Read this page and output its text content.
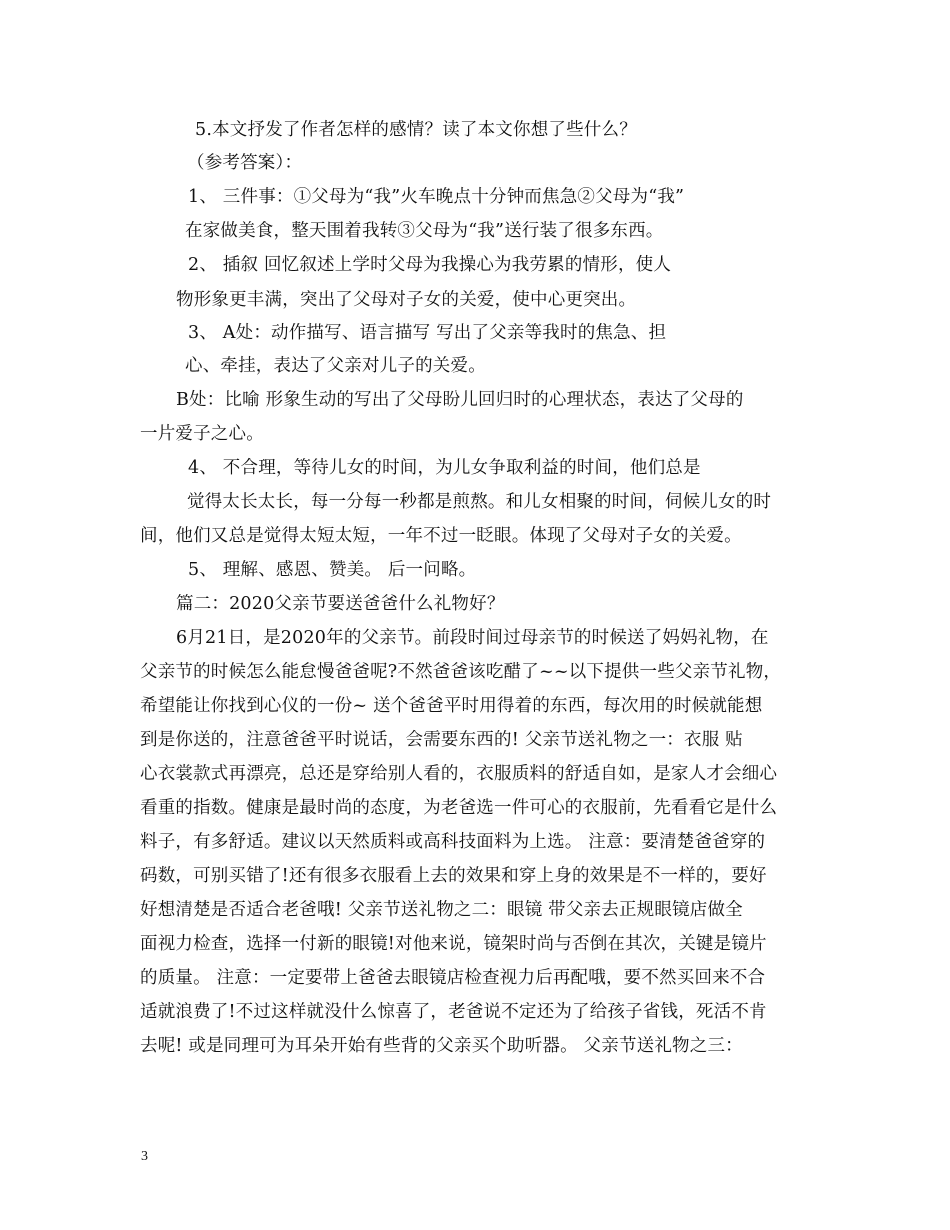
5.本文抒发了作者怎样的感情？读了本文你想了些什么？
（参考答案）：
1、 三件事：①父母为“我”火车晚点十分钟而焦急②父母为“我”
在家做美食，整天围着我转③父母为“我”送行装了很多东西。
2、 插叙 回忆叙述上学时父母为我操心为我劳累的情形，使人
物形象更丰满，突出了父母对子女的关爱，使中心更突出。
3、 A处：动作描写、语言描写 写出了父亲等我时的焦急、担
心、牵挂，表达了父亲对儿子的关爱。
B处：比喻 形象生动的写出了父母盼儿回归时的心理状态，表达了父母的
一片爱子之心。
4、 不合理，等待儿女的时间，为儿女争取利益的时间，他们总是
觉得太长太长，每一分每一秒都是煎熬。和儿女相聚的时间，伺候儿女的时
间，他们又总是觉得太短太短，一年不过一眨眼。体现了父母对子女的关爱。
5、 理解、感恩、赞美。 后一问略。
篇二：2020父亲节要送爸爸什么礼物好？
6月21日，是2020年的父亲节。前段时间过母亲节的时候送了妈妈礼物，在
父亲节的时候怎么能怠慢爸爸呢?不然爸爸该吃醋了~~以下提供一些父亲节礼物，
希望能让你找到心仪的一份~ 送个爸爸平时用得着的东西，每次用的时候就能想
到是你送的，注意爸爸平时说话，会需要东西的! 父亲节送礼物之一：衣服 贴
心衣裳款式再漂亮，总还是穿给别人看的，衣服质料的舒适自如，是家人才会细心
看重的指数。健康是最时尚的态度，为老爸选一件可心的衣服前，先看看它是什么
料子，有多舒适。建议以天然质料或高科技面料为上选。 注意：要清楚爸爸穿的
码数，可别买错了!还有很多衣服看上去的效果和穿上身的效果是不一样的，要好
好想清楚是否适合老爸哦! 父亲节送礼物之二：眼镜 带父亲去正规眼镜店做全
面视力检查，选择一付新的眼镜!对他来说，镜架时尚与否倒在其次，关键是镜片
的质量。 注意：一定要带上爸爸去眼镜店检查视力后再配哦，要不然买回来不合
适就浪费了!不过这样就没什么惊喜了，老爸说不定还为了给孩子省钱，死活不肯
去呢! 或是同理可为耳朵开始有些背的父亲买个助听器。 父亲节送礼物之三：
3
